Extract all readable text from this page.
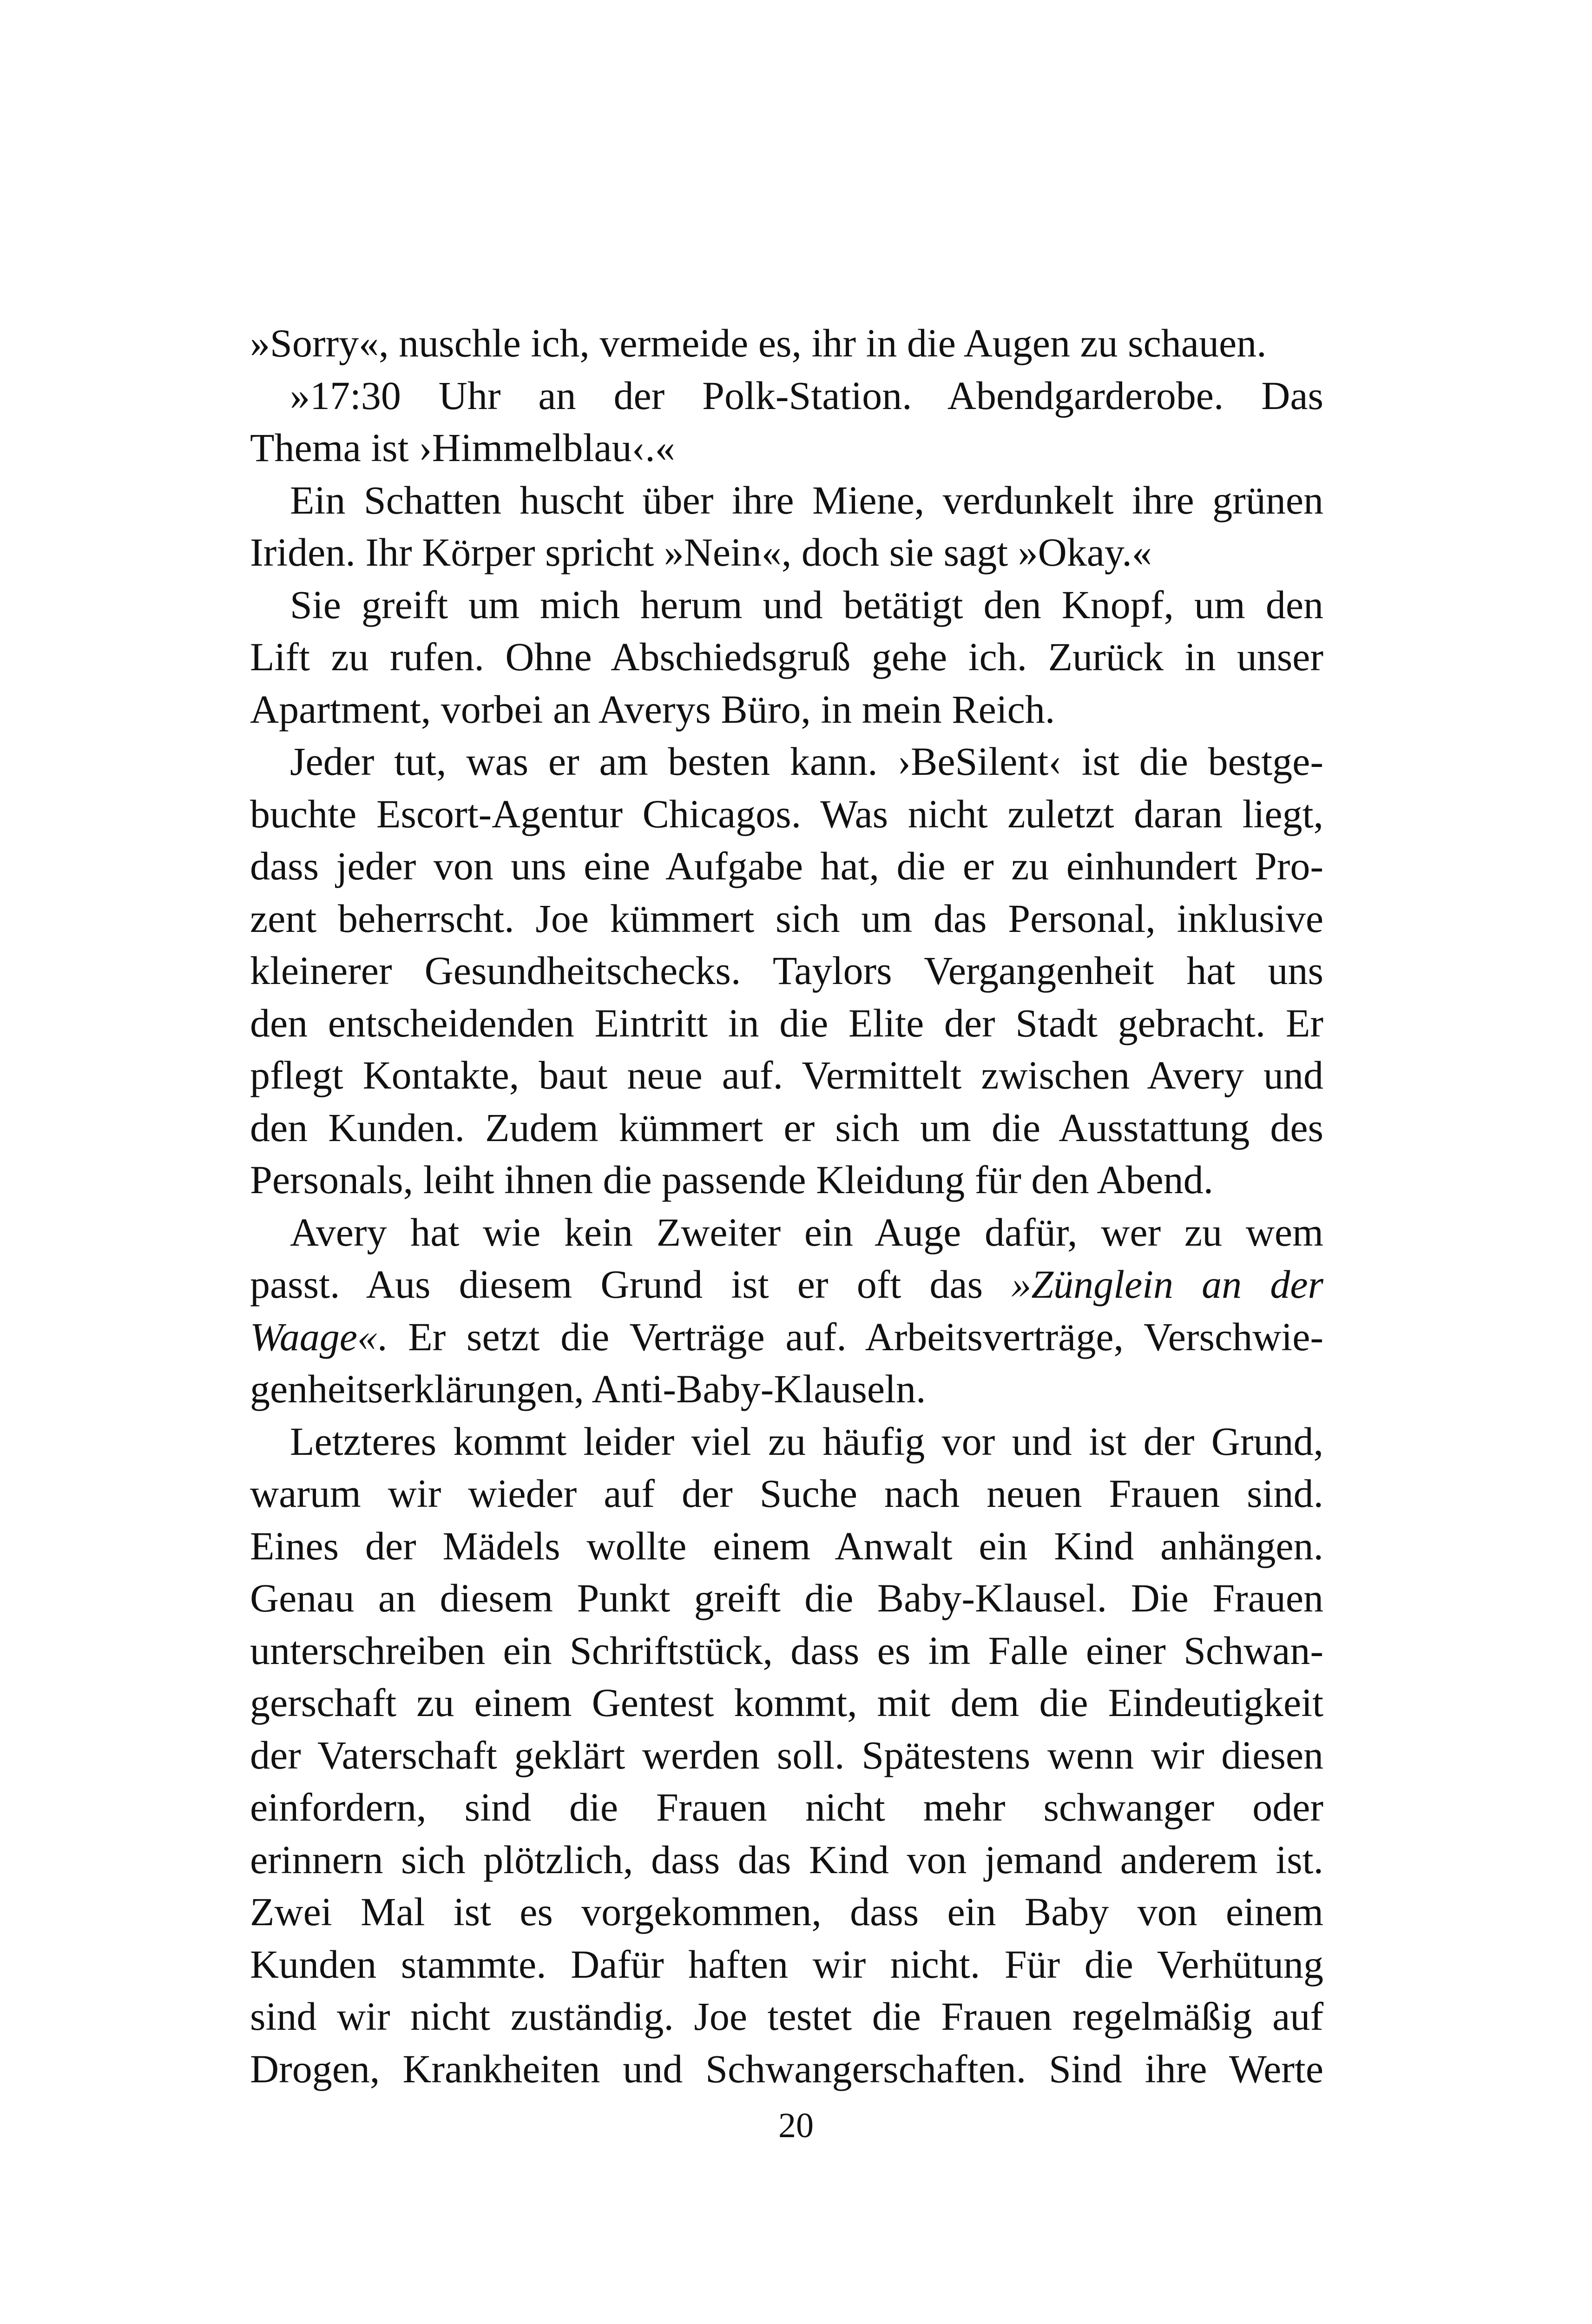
»Sorry«, nuschle ich, vermeide es, ihr in die Augen zu schauen.
»17:30 Uhr an der Polk-Station. Abendgarderobe. Das
Thema ist ›Himmelblau‹.«
Ein Schatten huscht über ihre Miene, verdunkelt ihre grünen
Iriden. Ihr Körper spricht »Nein«, doch sie sagt »Okay.«
Sie greift um mich herum und betätigt den Knopf, um den
Lift zu rufen. Ohne Abschiedsgruß gehe ich. Zurück in unser
Apartment, vorbei an Averys Büro, in mein Reich.
Jeder tut, was er am besten kann. ›BeSilent‹ ist die bestge-
buchte Escort-Agentur Chicagos. Was nicht zuletzt daran liegt,
dass jeder von uns eine Aufgabe hat, die er zu einhundert Pro-
zent beherrscht. Joe kümmert sich um das Personal, inklusive
kleinerer Gesundheitschecks. Taylors Vergangenheit hat uns
den entscheidenden Eintritt in die Elite der Stadt gebracht. Er
pflegt Kontakte, baut neue auf. Vermittelt zwischen Avery und
den Kunden. Zudem kümmert er sich um die Ausstattung des
Personals, leiht ihnen die passende Kleidung für den Abend.
Avery hat wie kein Zweiter ein Auge dafür, wer zu wem
passt. Aus diesem Grund ist er oft das »Zünglein an der
Waage«. Er setzt die Verträge auf. Arbeitsverträge, Verschwie-
genheitserklärungen, Anti-Baby-Klauseln.
Letzteres kommt leider viel zu häufig vor und ist der Grund,
warum wir wieder auf der Suche nach neuen Frauen sind.
Eines der Mädels wollte einem Anwalt ein Kind anhängen.
Genau an diesem Punkt greift die Baby-Klausel. Die Frauen
unterschreiben ein Schriftstück, dass es im Falle einer Schwan-
gerschaft zu einem Gentest kommt, mit dem die Eindeutigkeit
der Vaterschaft geklärt werden soll. Spätestens wenn wir diesen
einfordern, sind die Frauen nicht mehr schwanger oder
erinnern sich plötzlich, dass das Kind von jemand anderem ist.
Zwei Mal ist es vorgekommen, dass ein Baby von einem
Kunden stammte. Dafür haften wir nicht. Für die Verhütung
sind wir nicht zuständig. Joe testet die Frauen regelmäßig auf
Drogen, Krankheiten und Schwangerschaften. Sind ihre Werte
20
